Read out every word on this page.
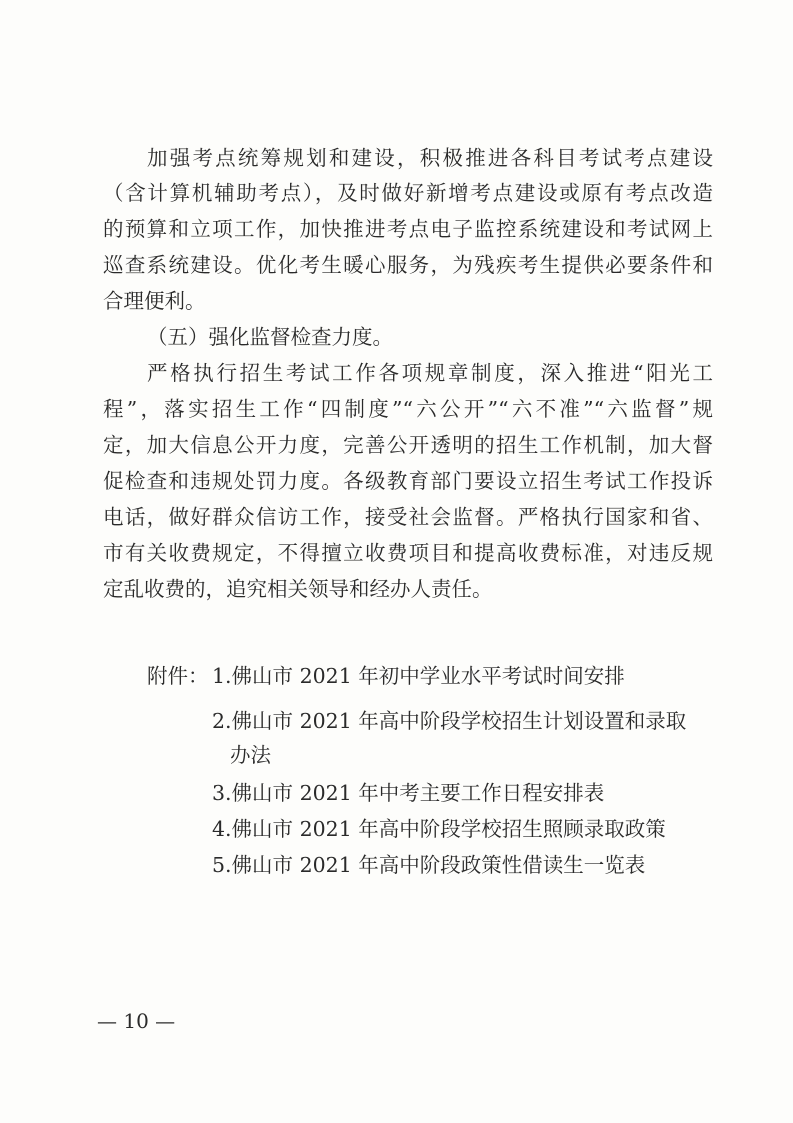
加强考点统筹规划和建设，积极推进各科目考试考点建设
（含计算机辅助考点），及时做好新增考点建设或原有考点改造
的预算和立项工作，加快推进考点电子监控系统建设和考试网上
巡查系统建设。优化考生暖心服务，为残疾考生提供必要条件和
合理便利。
（五）强化监督检查力度。
严格执行招生考试工作各项规章制度，深入推进“阳光工
程”，落实招生工作“四制度”“六公开”“六不准”“六监督”规
定，加大信息公开力度，完善公开透明的招生工作机制，加大督
促检查和违规处罚力度。各级教育部门要设立招生考试工作投诉
电话，做好群众信访工作，接受社会监督。严格执行国家和省、
市有关收费规定，不得擅立收费项目和提高收费标准，对违反规
定乱收费的，追究相关领导和经办人责任。
附件： 1.佛山市 2021 年初中学业水平考试时间安排
2.佛山市 2021 年高中阶段学校招生计划设置和录取
办法
3.佛山市 2021 年中考主要工作日程安排表
4.佛山市 2021 年高中阶段学校招生照顾录取政策
5.佛山市 2021 年高中阶段政策性借读生一览表
— 10 —
